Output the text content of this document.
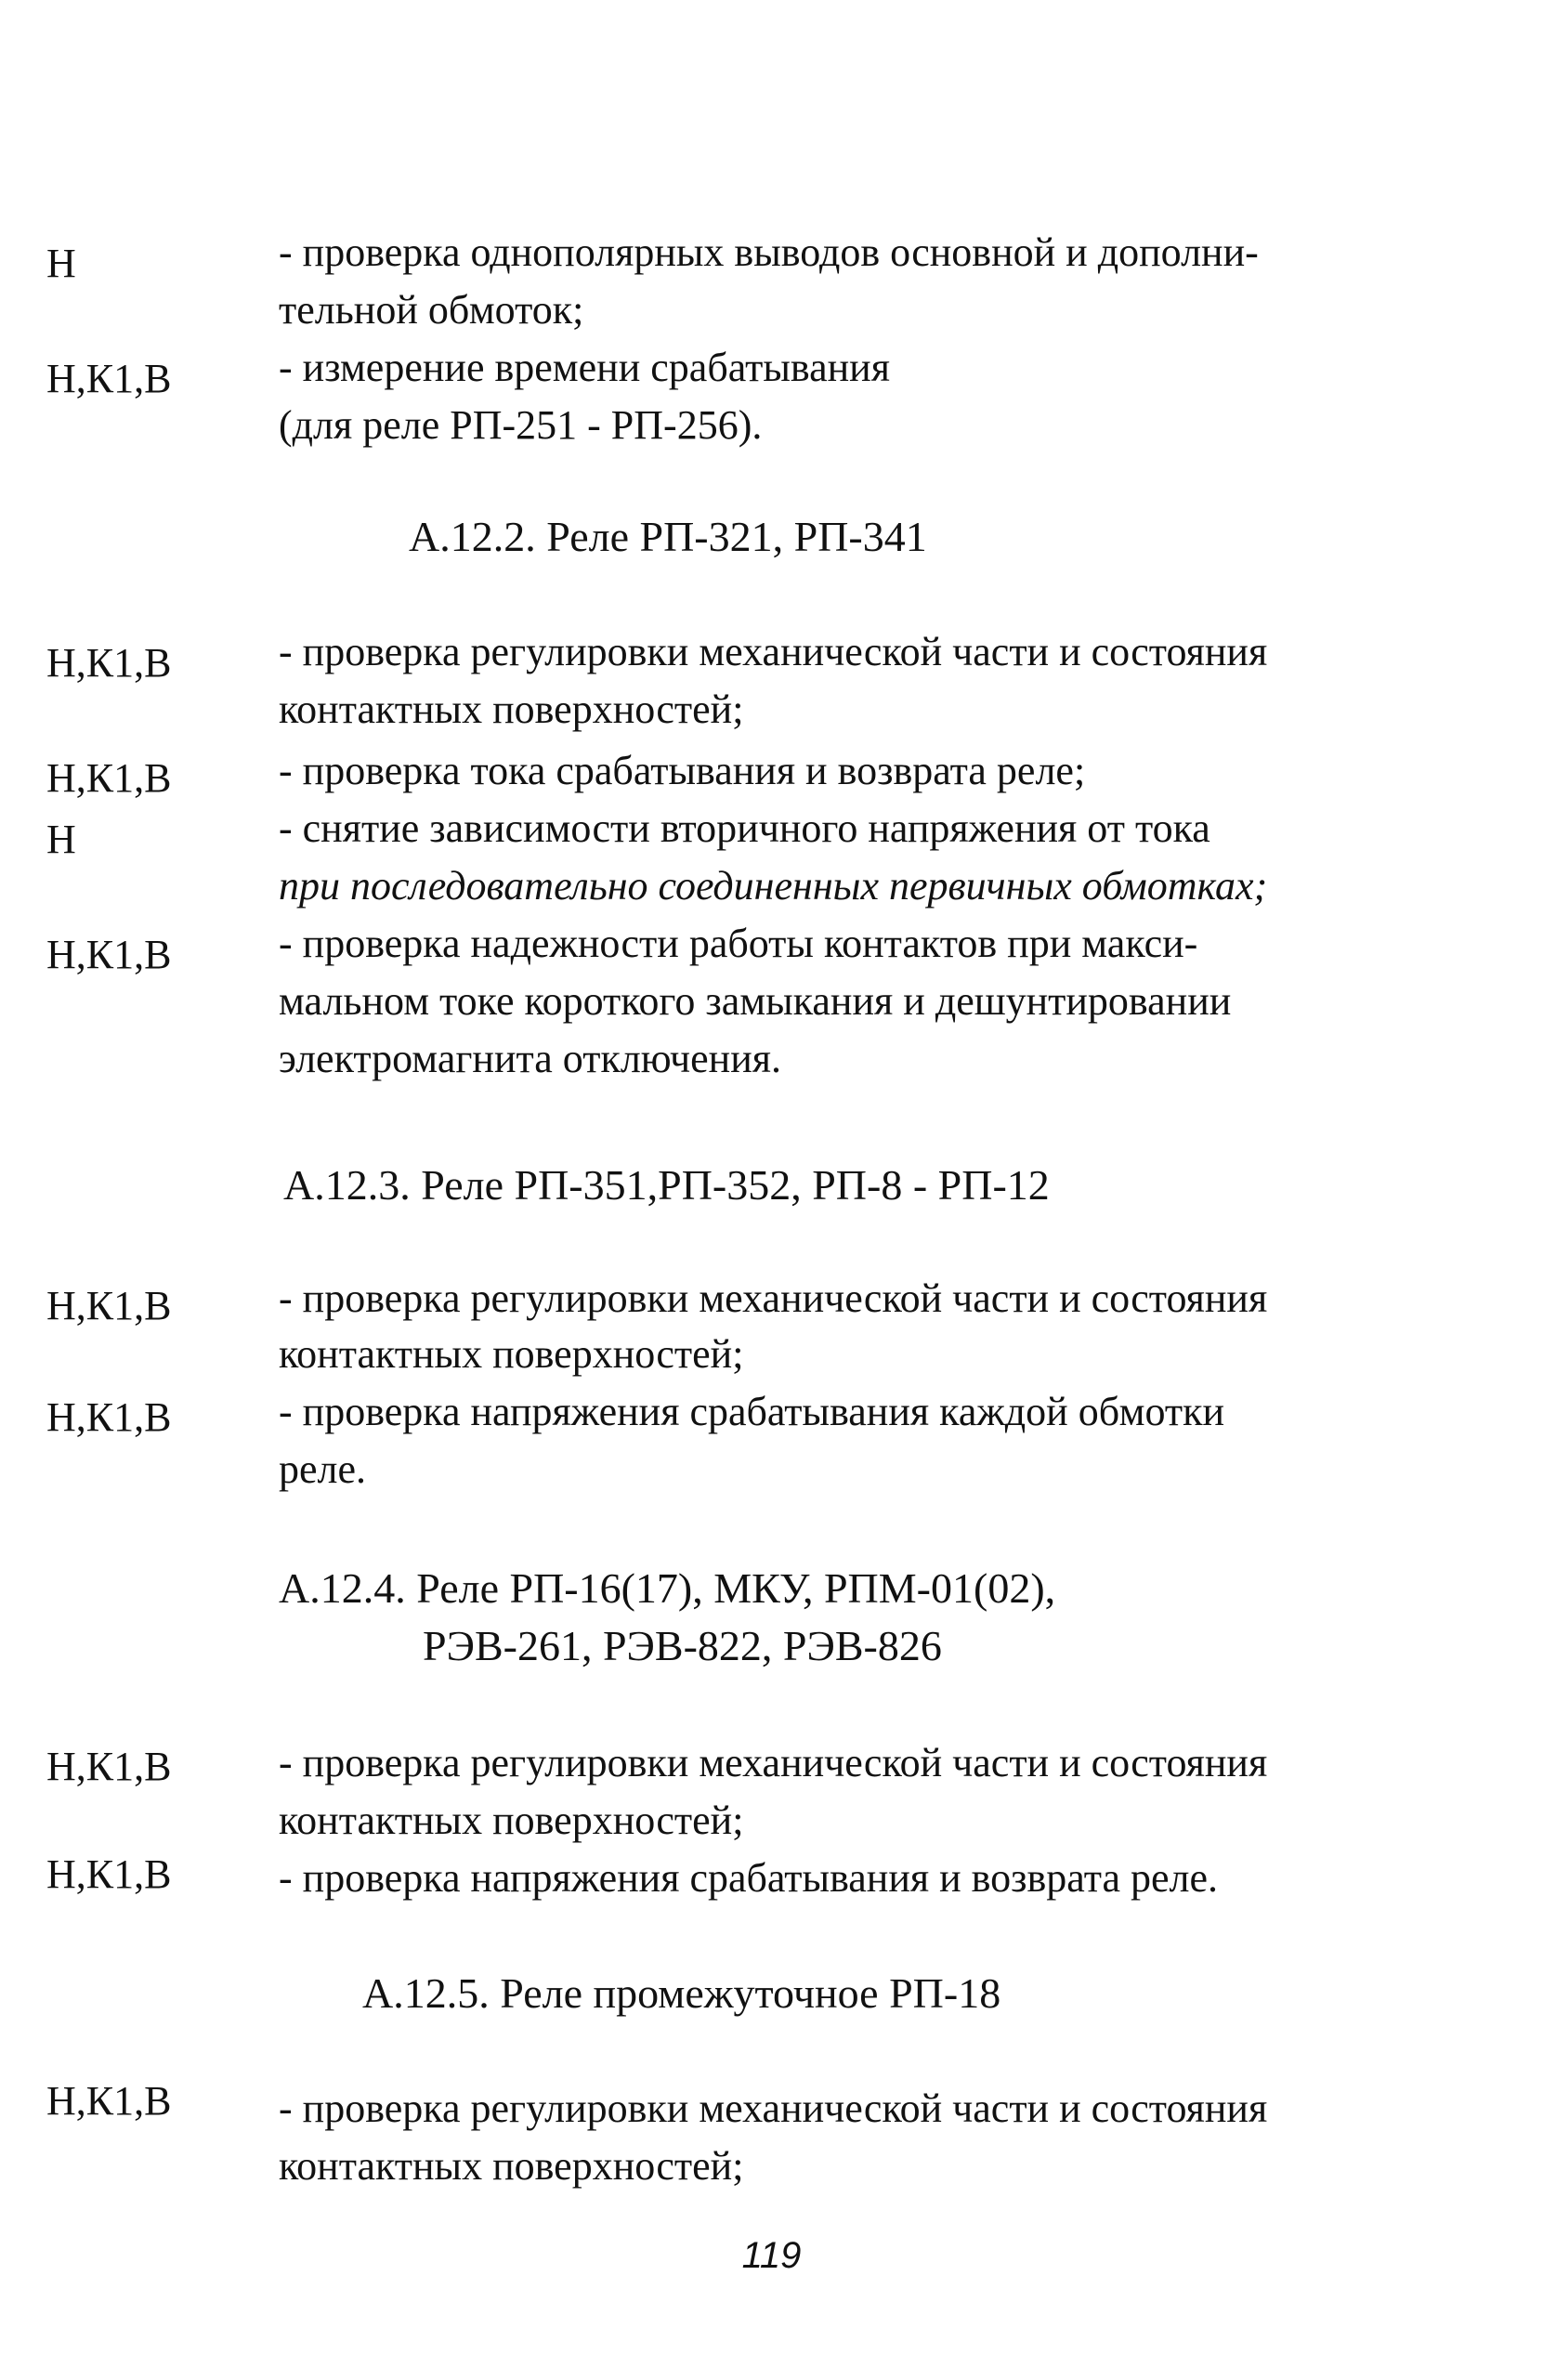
Н	- проверка однополярных выводов основной и дополни-
тельной обмоток;
Н,К1,В	- измерение времени срабатывания
(для реле РП-251 - РП-256).
А.12.2. Реле РП-321, РП-341
Н,К1,В	- проверка регулировки механической части и состояния
контактных поверхностей;
Н,К1,В	- проверка тока срабатывания и возврата реле;
Н	- снятие зависимости вторичного напряжения от тока
при последовательно соединенных первичных обмотках;
Н,К1,В	- проверка надежности работы контактов при макси-
мальном токе короткого замыкания и дешунтировании
электромагнита отключения.
А.12.3. Реле РП-351,РП-352, РП-8 - РП-12
Н,К1,В	- проверка регулировки механической части и состояния
контактных поверхностей;
Н,К1,В	- проверка напряжения срабатывания каждой обмотки
реле.
А.12.4. Реле РП-16(17), МКУ, РПМ-01(02),
РЭВ-261, РЭВ-822, РЭВ-826
Н,К1,В	- проверка регулировки механической части и состояния
контактных поверхностей;
Н,К1,В	- проверка напряжения срабатывания и возврата реле.
А.12.5. Реле промежуточное РП-18
Н,К1,В	- проверка регулировки механической части и состояния
контактных поверхностей;
119
